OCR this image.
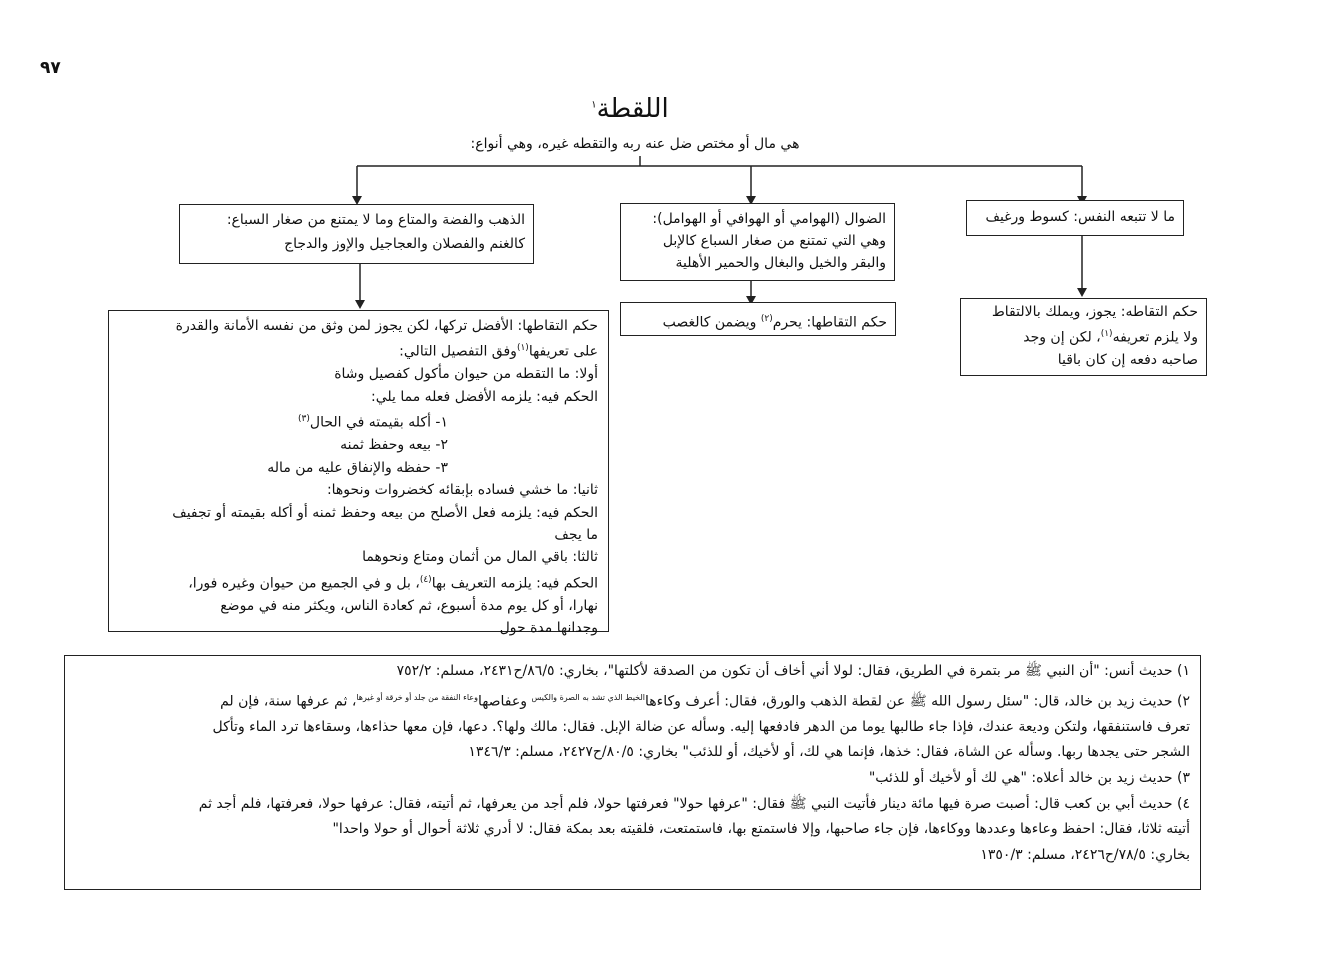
٩٧
اللقطة$^١$
هي مال أو مختص ضل عنه ربه والتقطه غيره، وهي أنواع:
ما لا تتبعه النفس: كسوط ورغيف
حكم التقاطه: يجوز، ويملك بالالتقاط
ولا يلزم تعريفه$^{(١)}$، لكن إن وجد
صاحبه دفعه إن كان باقيا
الضوال (الهوامي أو الهوافي أو الهوامل):
وهي التي تمتنع من صغار السباع كالإبل
والبقر والخيل والبغال والحمير الأهلية
حكم التقاطها: يحرم$^{(٢)}$ ويضمن كالغصب
الذهب والفضة والمتاع وما لا يمتنع من صغار السباع:
كالغنم والفصلان والعجاجيل والإوز والدجاج
حكم التقاطها: الأفضل تركها، لكن يجوز لمن وثق من نفسه الأمانة والقدرة
على تعريفها$^{(١)}$وفق التفصيل التالي:
أولا: ما التقطه من حيوان مأكول كفصيل وشاة
الحكم فيه: يلزمه الأفضل فعله مما يلي:
١- أكله بقيمته في الحال$^{(٣)}$
٢- بيعه وحفظ ثمنه
٣- حفظه والإنفاق عليه من ماله
ثانيا: ما خشي فساده بإبقائه كخضروات ونحوها:
الحكم فيه: يلزمه فعل الأصلح من بيعه وحفظ ثمنه أو أكله بقيمته أو تجفيف
ما يجف
ثالثا: باقي المال من أثمان ومتاع ونحوهما
الحكم فيه: يلزمه التعريف بها$^{(٤)}$، بل و في الجميع من حيوان وغيره فورا،
نهارا، أو كل يوم مدة أسبوع، ثم كعادة الناس، ويكثر منه في موضع
وجدانها مدة حول
١) حديث أنس: "أن النبي ﷺ مر بتمرة في الطريق، فقال: لولا أني أخاف أن تكون من الصدقة لأكلتها"، بخاري: ٨٦/٥/ح٢٤٣١، مسلم: ٧٥٢/٢
٢) حديث زيد بن خالد، قال: "سئل رسول الله ﷺ عن لقطة الذهب والورق، فقال: أعرف وكاءها$^{الخيط الذي تشد به الصرة والكيس}$ وعفاصها$^{وعاء النفقة من جلد أو خرقة أو غيرها}$، ثم عرفها سنة، فإن لم
تعرف فاستنفقها، ولتكن وديعة عندك، فإذا جاء طالبها يوما من الدهر فادفعها إليه. وسأله عن ضالة الإبل. فقال: مالك ولها؟. دعها، فإن معها حذاءها، وسقاءها ترد الماء وتأكل
الشجر حتى يجدها ربها. وسأله عن الشاة، فقال: خذها، فإنما هي لك، أو لأخيك، أو للذئب" بخاري: ٨٠/٥/ح٢٤٢٧، مسلم: ١٣٤٦/٣
٣) حديث زيد بن خالد أعلاه: "هي لك أو لأخيك أو للذئب"
٤) حديث أبي بن كعب قال: أصبت صرة فيها مائة دينار فأتيت النبي ﷺ فقال: "عرفها حولا" فعرفتها حولا، فلم أجد من يعرفها، ثم أتيته، فقال: عرفها حولا، فعرفتها، فلم أجد ثم
أتيته ثلاثا، فقال: احفظ وعاءها وعددها ووكاءها، فإن جاء صاحبها، وإلا فاستمتع بها، فاستمتعت، فلقيته بعد بمكة فقال: لا أدري ثلاثة أحوال أو حولا واحدا"
بخاري: ٧٨/٥/ح٢٤٢٦، مسلم: ١٣٥٠/٣
